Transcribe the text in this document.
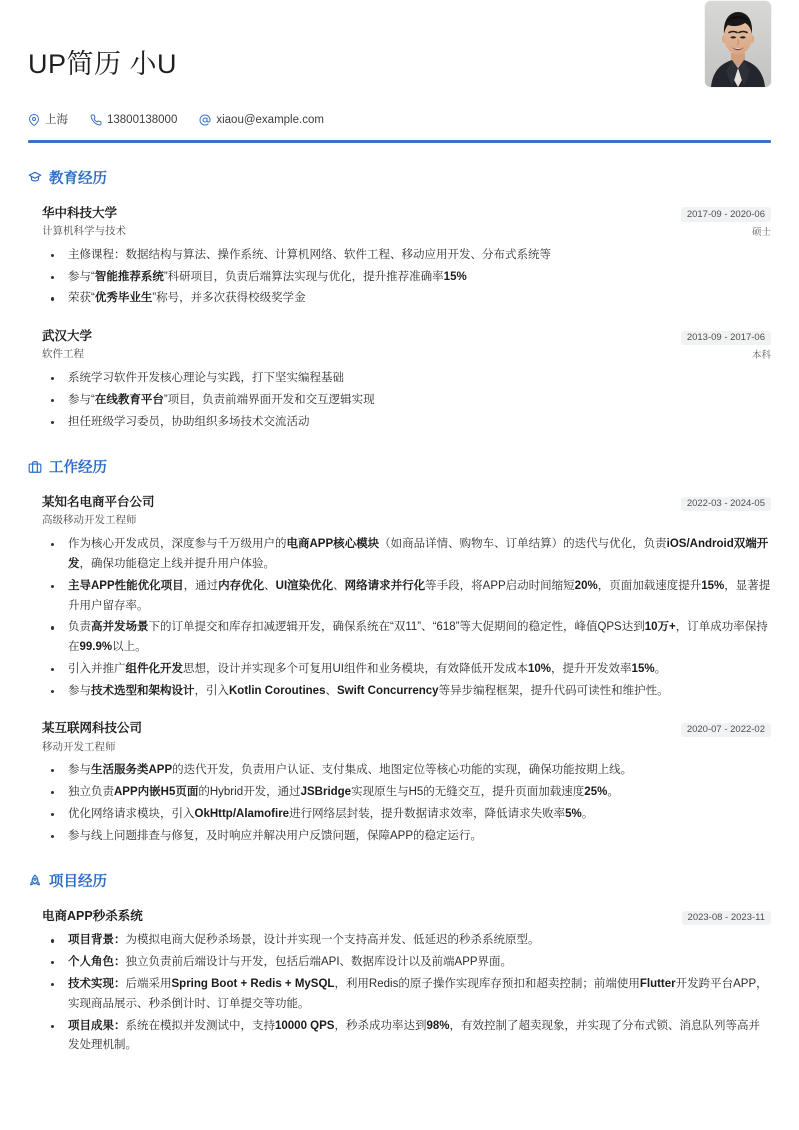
UP简历 小U
上海	13800138000	xiaou@example.com
教育经历
华中科技大学
计算机科学与技术
2017-09 - 2020-06
硕士
主修课程：数据结构与算法、操作系统、计算机网络、软件工程、移动应用开发、分布式系统等
参与“智能推荐系统”科研项目，负责后端算法实现与优化，提升推荐准确率15%
荣获“优秀毕业生”称号，并多次获得校级奖学金
武汉大学
软件工程
2013-09 - 2017-06
本科
系统学习软件开发核心理论与实践，打下坚实编程基础
参与“在线教育平台”项目，负责前端界面开发和交互逻辑实现
担任班级学习委员，协助组织多场技术交流活动
工作经历
某知名电商平台公司
高级移动开发工程师
2022-03 - 2024-05
作为核心开发成员，深度参与千万级用户的电商APP核心模块（如商品详情、购物车、订单结算）的迭代与优化，负责iOS/Android双端开发，确保功能稳定上线并提升用户体验。
主导APP性能优化项目，通过内存优化、UI渲染优化、网络请求并行化等手段，将APP启动时间缩短20%，页面加载速度提升15%，显著提升用户留存率。
负责高并发场景下的订单提交和库存扣减逻辑开发，确保系统在“双11”、“618”等大促期间的稳定性，峰值QPS达到10万+，订单成功率保持在99.9%以上。
引入并推广组件化开发思想，设计并实现多个可复用UI组件和业务模块，有效降低开发成本10%，提升开发效率15%。
参与技术选型和架构设计，引入Kotlin Coroutines、Swift Concurrency等异步编程框架，提升代码可读性和维护性。
某互联网科技公司
移动开发工程师
2020-07 - 2022-02
参与生活服务类APP的迭代开发，负责用户认证、支付集成、地图定位等核心功能的实现，确保功能按期上线。
独立负责APP内嵌H5页面的Hybrid开发，通过JSBridge实现原生与H5的无缝交互，提升页面加载速度25%。
优化网络请求模块，引入OkHttp/Alamofire进行网络层封装，提升数据请求效率，降低请求失败率5%。
参与线上问题排查与修复，及时响应并解决用户反馈问题，保障APP的稳定运行。
项目经历
电商APP秒杀系统	2023-08 - 2023-11
项目背景：为模拟电商大促秒杀场景，设计并实现一个支持高并发、低延迟的秒杀系统原型。
个人角色：独立负责前后端设计与开发，包括后端API、数据库设计以及前端APP界面。
技术实现：后端采用Spring Boot + Redis + MySQL，利用Redis的原子操作实现库存预扣和超卖控制；前端使用Flutter开发跨平台APP，实现商品展示、秒杀倒计时、订单提交等功能。
项目成果：系统在模拟并发测试中，支持10000 QPS，秒杀成功率达到98%，有效控制了超卖现象，并实现了分布式锁、消息队列等高并发处理机制。
